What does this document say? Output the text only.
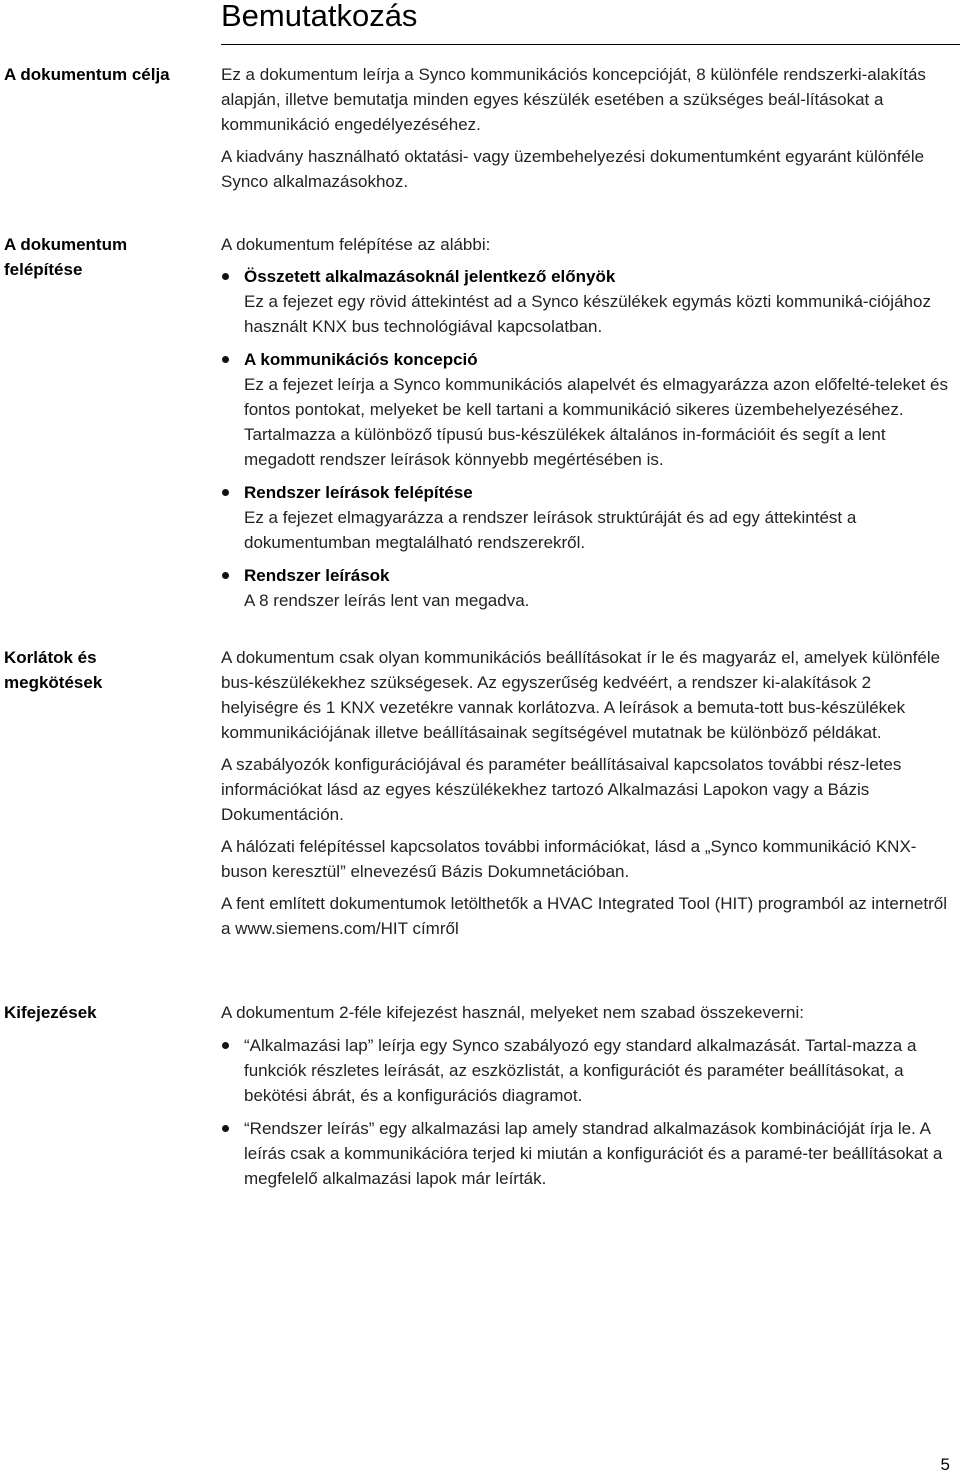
Bemutatkozás
A dokumentum célja	Ez a dokumentum leírja a Synco kommunikációs koncepcióját, 8 különféle rendszerki-alakítás alapján, illetve bemutatja minden egyes készülék esetében a szükséges beál-lításokat a kommunikáció engedélyezéséhez.

A kiadvány használható oktatási- vagy üzembehelyezési dokumentumként egyaránt különféle Synco alkalmazásokhoz.

A dokumentum felépítése

A dokumentum felépítése az alábbi:

Összetett alkalmazásoknál jelentkező előnyök
Ez a fejezet egy rövid áttekintést ad a Synco készülékek egymás közti kommuniká-ciójához használt KNX bus technológiával kapcsolatban.
A kommunikációs koncepció
Ez a fejezet leírja a Synco kommunikációs alapelvét és elmagyarázza azon előfelté-teleket és fontos pontokat, melyeket be kell tartani a kommunikáció sikeres üzembehelyezéséhez. Tartalmazza a különböző típusú bus-készülékek általános in-formációit és segít a lent megadott rendszer leírások könnyebb megértésében is.
Rendszer leírások felépítése
Ez a fejezet elmagyarázza a rendszer leírások struktúráját és ad egy áttekintést a dokumentumban megtalálható rendszerekről.
Rendszer leírások
A 8 rendszer leírás lent van megadva.
Korlátok és megkötések

A dokumentum csak olyan kommunikációs beállításokat ír le és magyaráz el, amelyek különféle bus-készülékekhez szükségesek. Az egyszerűség kedvéért, a rendszer ki-alakítások 2 helyiségre és 1 KNX vezetékre vannak korlátozva. A leírások a bemuta-tott bus-készülékek kommunikációjának illetve beállításainak segítségével mutatnak be különböző példákat.

A szabályozók konfigurációjával és paraméter beállításaival kapcsolatos további rész-letes információkat lásd az egyes készülékekhez tartozó Alkalmazási Lapokon vagy a Bázis Dokumentáción.

A hálózati felépítéssel kapcsolatos további információkat, lásd a „Synco kommunikáció KNX-buson keresztül” elnevezésű Bázis Dokumnetációban.

A fent említett dokumentumok letölthetők a HVAC Integrated Tool (HIT) programból az internetről a www.siemens.com/HIT címről

Kifejezések	A dokumentum 2-féle kifejezést használ, melyeket nem szabad összekeverni:

“Alkalmazási lap” leírja egy Synco szabályozó egy standard alkalmazását. Tartal-mazza a funkciók részletes leírását, az eszközlistát, a konfigurációt és paraméter beállításokat, a bekötési ábrát, és a konfigurációs diagramot.
“Rendszer leírás” egy alkalmazási lap amely standrad alkalmazások kombinációját írja le. A leírás csak a kommunikációra terjed ki miután a konfigurációt és a paramé-ter beállításokat a megfelelő alkalmazási lapok már leírták.
5
